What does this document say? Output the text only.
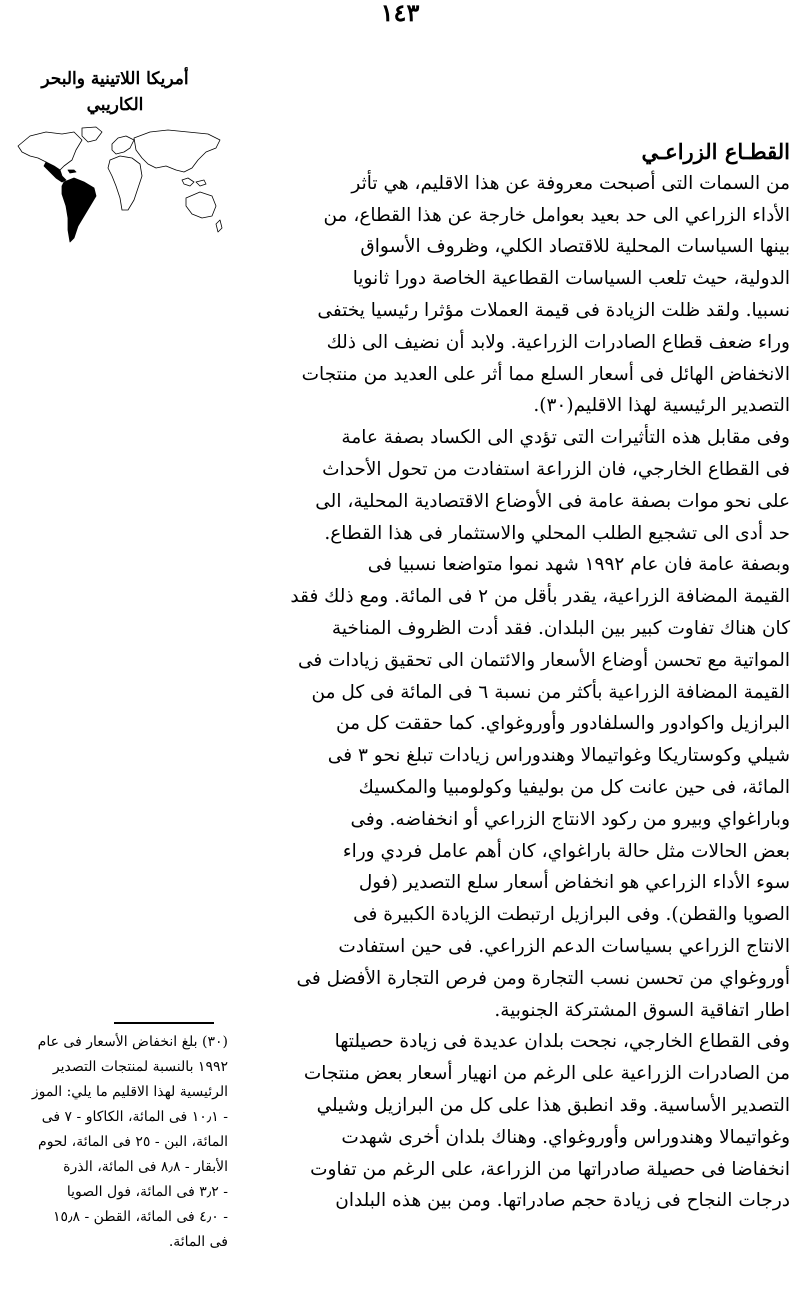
١٤٣
أمريكا اللاتينية والبحر
الكاريبي
القطـاع الزراعـي
من السمات التى أصبحت معروفة عن هذا الاقليم، هي تأثر
الأداء الزراعي الى حد بعيد بعوامل خارجة عن هذا القطاع، من
بينها السياسات المحلية للاقتصاد الكلي، وظروف الأسواق
الدولية، حيث تلعب السياسات القطاعية الخاصة دورا ثانويا
نسبيا. ولقد ظلت الزيادة فى قيمة العملات مؤثرا رئيسيا يختفى
وراء ضعف قطاع الصادرات الزراعية. ولابد أن نضيف الى ذلك
الانخفاض الهائل فى أسعار السلع مما أثر على العديد من منتجات
التصدير الرئيسية لهذا الاقليم(٣٠).
وفى مقابل هذه التأثيرات التى تؤدي الى الكساد بصفة عامة
فى القطاع الخارجي، فان الزراعة استفادت من تحول الأحداث
على نحو موات بصفة عامة فى الأوضاع الاقتصادية المحلية، الى
حد أدى الى تشجيع الطلب المحلي والاستثمار فى هذا القطاع.
وبصفة عامة فان عام ١٩٩٢ شهد نموا متواضعا نسبيا فى
القيمة المضافة الزراعية، يقدر بأقل من ٢ فى المائة. ومع ذلك فقد
كان هناك تفاوت كبير بين البلدان. فقد أدت الظروف المناخية
المواتية مع تحسن أوضاع الأسعار والائتمان الى تحقيق زيادات فى
القيمة المضافة الزراعية بأكثر من نسبة ٦ فى المائة فى كل من
البرازيل واكوادور والسلفادور وأوروغواي. كما حققت كل من
شيلي وكوستاريكا وغواتيمالا وهندوراس زيادات تبلغ نحو ٣ فى
المائة، فى حين عانت كل من بوليفيا وكولومبيا والمكسيك
وباراغواي وبيرو من ركود الانتاج الزراعي أو انخفاضه. وفى
بعض الحالات مثل حالة باراغواي، كان أهم عامل فردي وراء
سوء الأداء الزراعي هو انخفاض أسعار سلع التصدير (فول
الصويا والقطن). وفى البرازيل ارتبطت الزيادة الكبيرة فى
الانتاج الزراعي بسياسات الدعم الزراعي. فى حين استفادت
أوروغواي من تحسن نسب التجارة ومن فرص التجارة الأفضل فى
اطار اتفاقية السوق المشتركة الجنوبية.
وفى القطاع الخارجي، نجحت بلدان عديدة فى زيادة حصيلتها
من الصادرات الزراعية على الرغم من انهيار أسعار بعض منتجات
التصدير الأساسية. وقد انطبق هذا على كل من البرازيل وشيلي
وغواتيمالا وهندوراس وأوروغواي. وهناك بلدان أخرى شهدت
انخفاضا فى حصيلة صادراتها من الزراعة، على الرغم من تفاوت
درجات النجاح فى زيادة حجم صادراتها. ومن بين هذه البلدان
(٣٠) بلغ انخفاض الأسعار فى عام
١٩٩٢ بالنسبة لمنتجات التصدير
الرئيسية لهذا الاقليم ما يلي: الموز
- ١٠٫١ فى المائة، الكاكاو - ٧ فى
المائة، البن - ٢٥ فى المائة، لحوم
الأبقار - ٨٫٨ فى المائة، الذرة
- ٣٫٢ فى المائة، فول الصويا
- ٤٫٠ فى المائة، القطن - ١٥٫٨
فى المائة.
